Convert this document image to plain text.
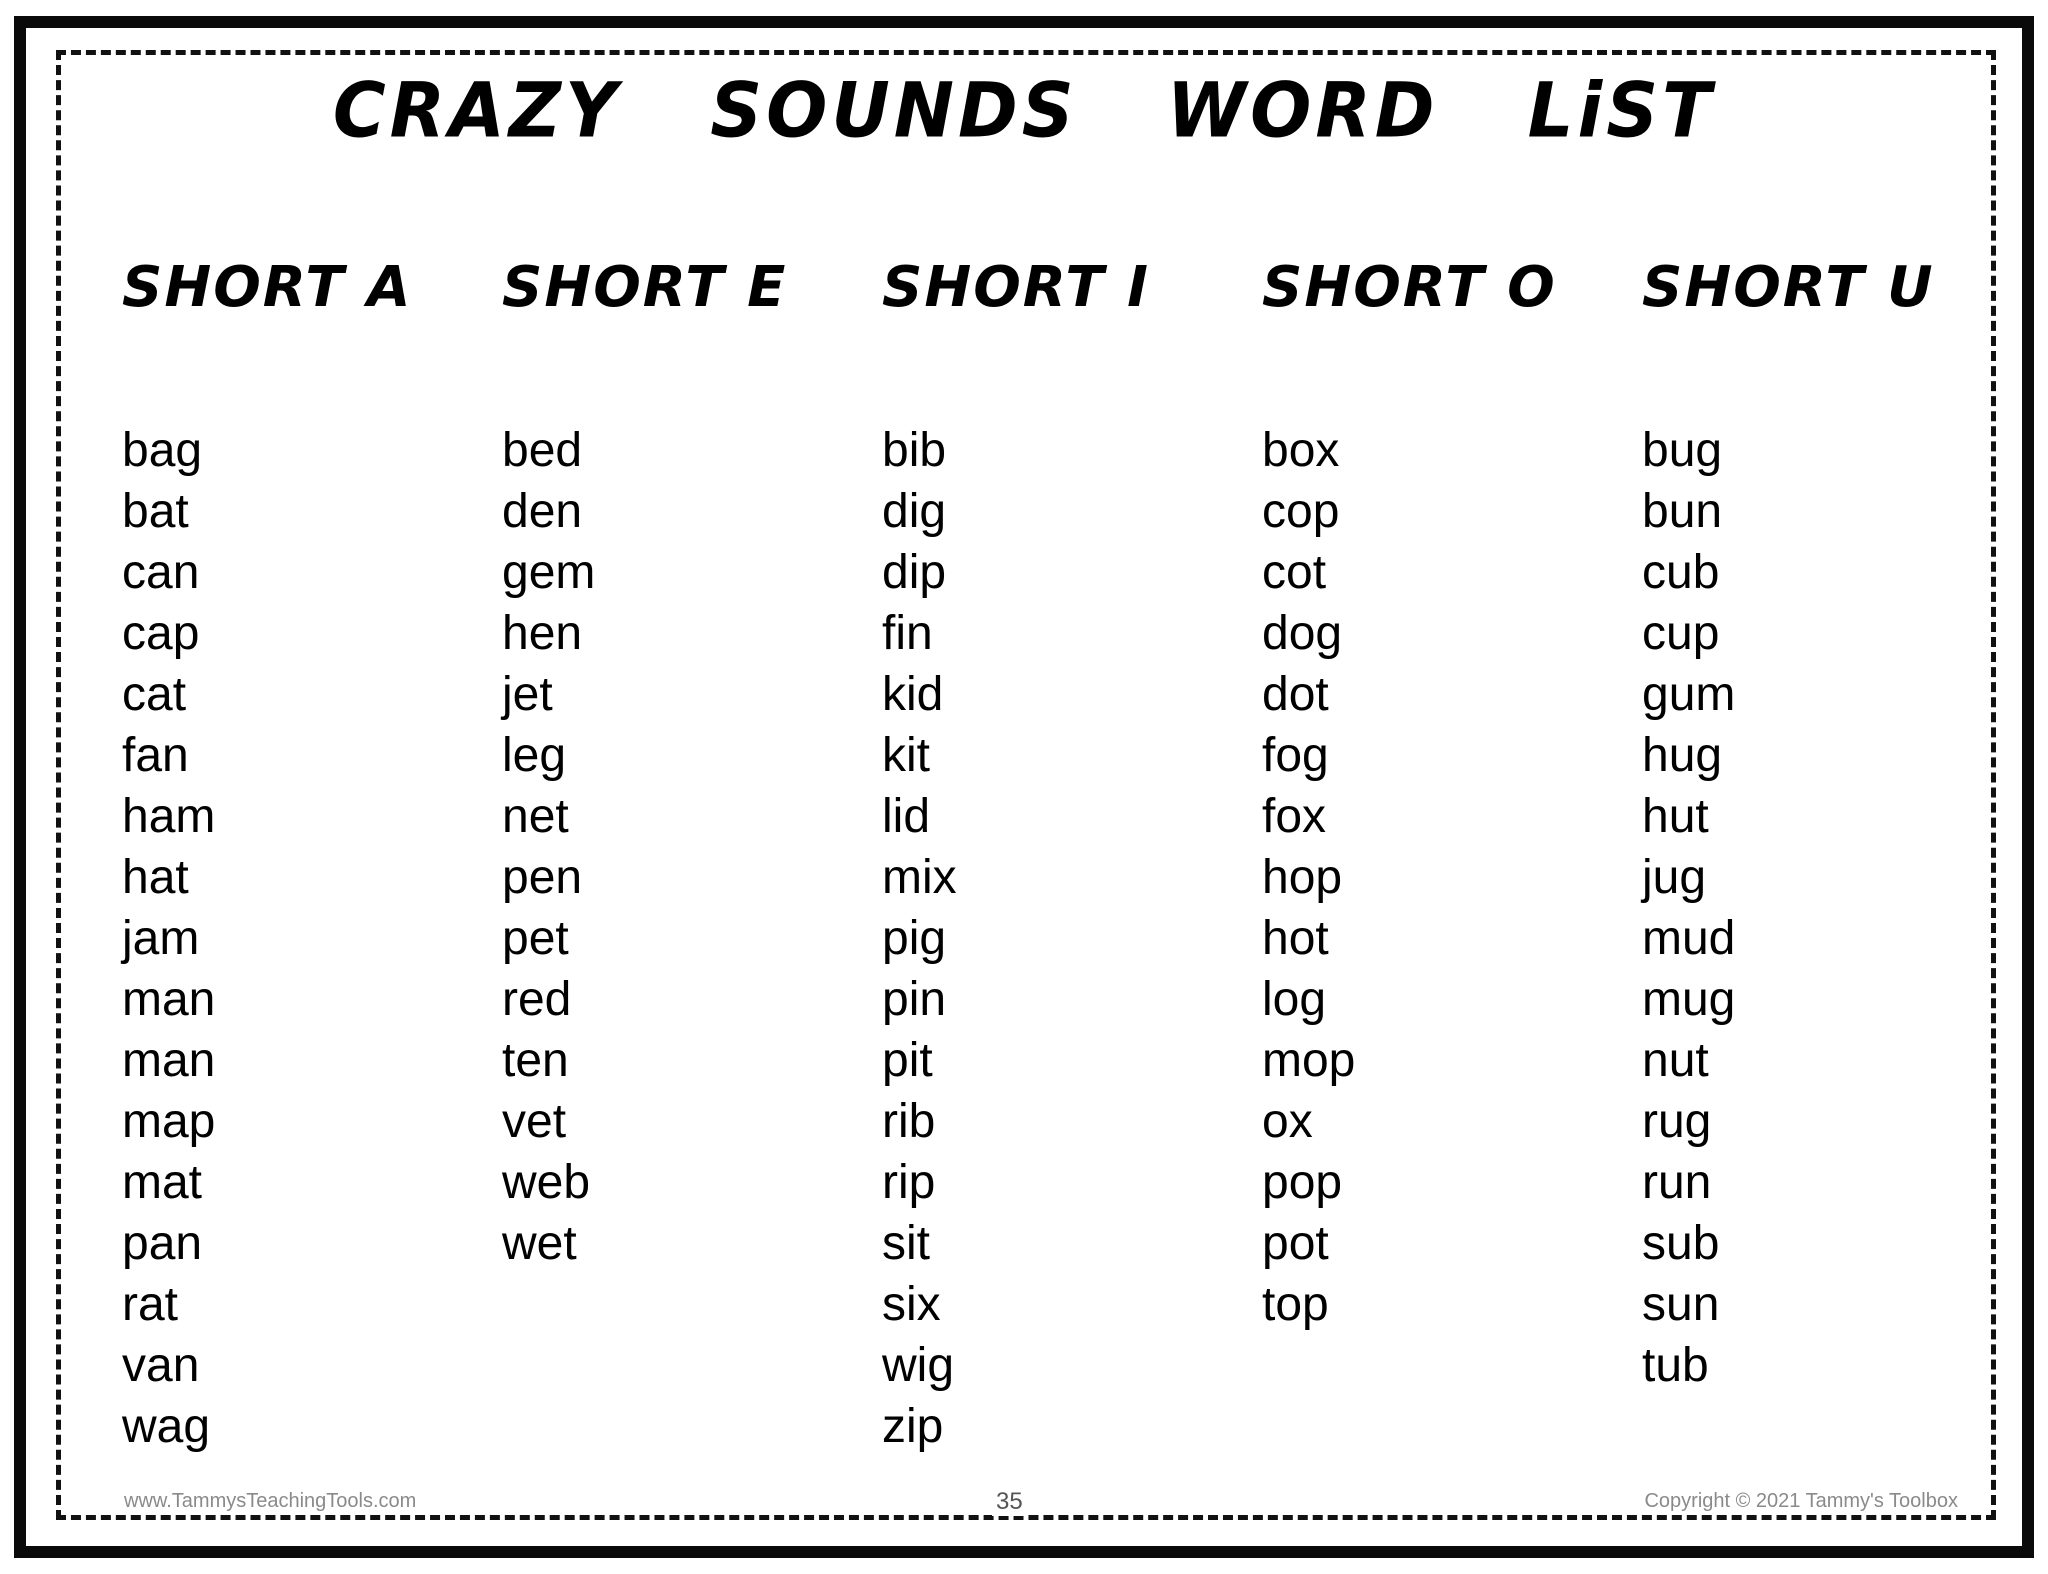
CRAZY SOUNDS WORD LiST
SHORT A
bag
bat
can
cap
cat
fan
ham
hat
jam
man
man
map
mat
pan
rat
van
wag
SHORT E
bed
den
gem
hen
jet
leg
net
pen
pet
red
ten
vet
web
wet
SHORT I
bib
dig
dip
fin
kid
kit
lid
mix
pig
pin
pit
rib
rip
sit
six
wig
zip
SHORT O
box
cop
cot
dog
dot
fog
fox
hop
hot
log
mop
ox
pop
pot
top
SHORT U
bug
bun
cub
cup
gum
hug
hut
jug
mud
mug
nut
rug
run
sub
sun
tub
www.TammysTeachingTools.com	35	Copyright © 2021 Tammy's Toolbox
